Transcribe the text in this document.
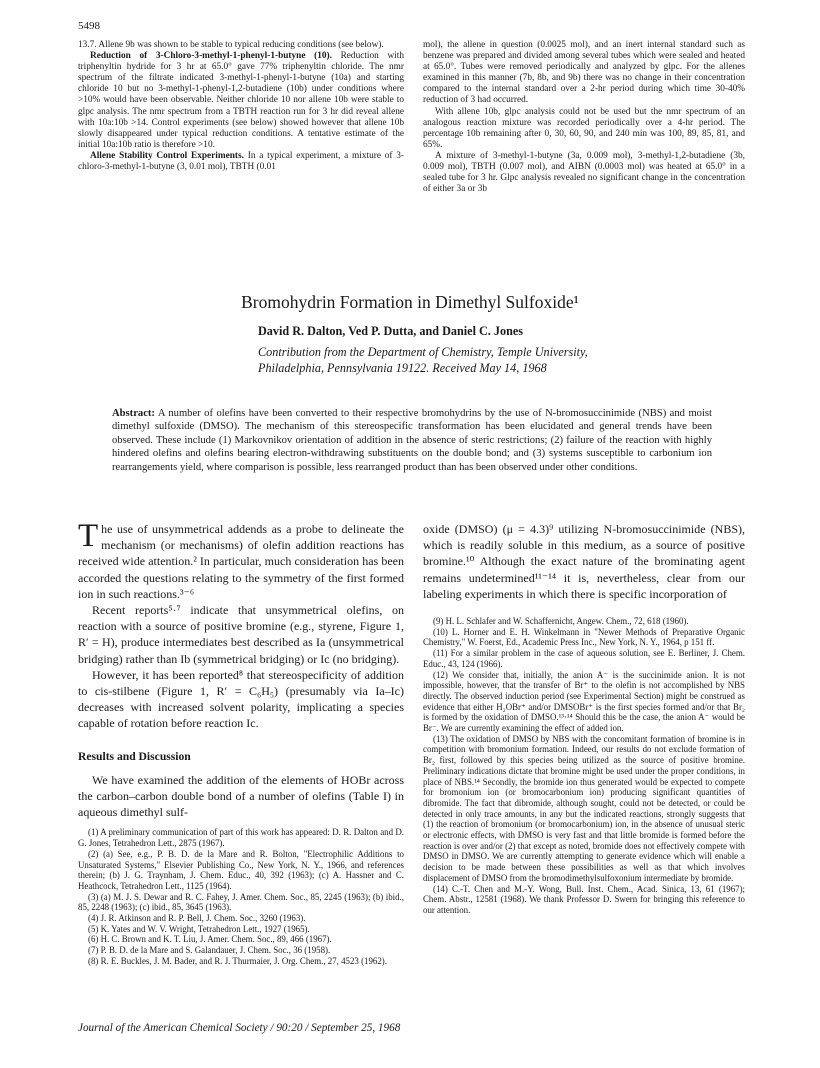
5498

13.7. Allene 9b was shown to be stable to typical reducing conditions (see below).

Reduction of 3-Chloro-3-methyl-1-phenyl-1-butyne (10). Reduction with triphenyltin hydride for 3 hr at 65.0° gave 77% triphenyltin chloride. The nmr spectrum of the filtrate indicated 3-methyl-1-phenyl-1-butyne (10a) and starting chloride 10 but no 3-methyl-1-phenyl-1,2-butadiene (10b) under conditions where >10% would have been observable. Neither chloride 10 nor allene 10b were stable to glpc analysis. The nmr spectrum from a TBTH reaction run for 3 hr did reveal allene with 10a:10b >14. Control experiments (see below) showed however that allene 10b slowly disappeared under typical reduction conditions. A tentative estimate of the initial 10a:10b ratio is therefore >10.

Allene Stability Control Experiments. In a typical experiment, a mixture of 3-chloro-3-methyl-1-butyne (3, 0.01 mol), TBTH (0.01

mol), the allene in question (0.0025 mol), and an inert internal standard such as benzene was prepared and divided among several tubes which were sealed and heated at 65.0°. Tubes were removed periodically and analyzed by glpc. For the allenes examined in this manner (7b, 8b, and 9b) there was no change in their concentration compared to the internal standard over a 2-hr period during which time 30-40% reduction of 3 had occurred.

With allene 10b, glpc analysis could not be used but the nmr spectrum of an analogous reaction mixture was recorded periodically over a 4-hr period. The percentage 10b remaining after 0, 30, 60, 90, and 240 min was 100, 89, 85, 81, and 65%.

A mixture of 3-methyl-1-butyne (3a, 0.009 mol), 3-methyl-1,2-butadiene (3b, 0.009 mol), TBTH (0.007 mol), and AIBN (0.0003 mol) was heated at 65.0° in a sealed tube for 3 hr. Glpc analysis revealed no significant change in the concentration of either 3a or 3b

Bromohydrin Formation in Dimethyl Sulfoxide¹
David R. Dalton, Ved P. Dutta, and Daniel C. Jones
Contribution from the Department of Chemistry, Temple University,
Philadelphia, Pennsylvania 19122. Received May 14, 1968
Abstract: A number of olefins have been converted to their respective bromohydrins by the use of N-bromosuccinimide (NBS) and moist dimethyl sulfoxide (DMSO). The mechanism of this stereospecific transformation has been elucidated and general trends have been observed. These include (1) Markovnikov orientation of addition in the absence of steric restrictions; (2) failure of the reaction with highly hindered olefins and olefins bearing electron-withdrawing substituents on the double bond; and (3) systems susceptible to carbonium ion rearrangements yield, where comparison is possible, less rearranged product than has been observed under other conditions.

The use of unsymmetrical addends as a probe to delineate the mechanism (or mechanisms) of olefin addition reactions has received wide attention.² In particular, much consideration has been accorded the questions relating to the symmetry of the first formed ion in such reactions.³⁻⁶

Recent reports⁵·⁷ indicate that unsymmetrical olefins, on reaction with a source of positive bromine (e.g., styrene, Figure 1, R′ = H), produce intermediates best described as Ia (unsymmetrical bridging) rather than Ib (symmetrical bridging) or Ic (no bridging).

However, it has been reported⁸ that stereospecificity of addition to cis-stilbene (Figure 1, R′ = C₆H₅) (presumably via Ia–Ic) decreases with increased solvent polarity, implicating a species capable of rotation before reaction Ic.

Results and Discussion

We have examined the addition of the elements of HOBr across the carbon–carbon double bond of a number of olefins (Table I) in aqueous dimethyl sulf-

(1) A preliminary communication of part of this work has appeared: D. R. Dalton and D. G. Jones, Tetrahedron Lett., 2875 (1967).

(2) (a) See, e.g., P. B. D. de la Mare and R. Bolton, "Electrophilic Additions to Unsaturated Systems," Elsevier Publishing Co., New York, N. Y., 1966, and references therein; (b) J. G. Traynham, J. Chem. Educ., 40, 392 (1963); (c) A. Hassner and C. Heathcock, Tetrahedron Lett., 1125 (1964).

(3) (a) M. J. S. Dewar and R. C. Fahey, J. Amer. Chem. Soc., 85, 2245 (1963); (b) ibid., 85, 2248 (1963); (c) ibid., 85, 3645 (1963).

(4) J. R. Atkinson and R. P. Bell, J. Chem. Soc., 3260 (1963).

(5) K. Yates and W. V. Wright, Tetrahedron Lett., 1927 (1965).

(6) H. C. Brown and K. T. Liu, J. Amer. Chem. Soc., 89, 466 (1967).

(7) P. B. D. de la Mare and S. Galandauer, J. Chem. Soc., 36 (1958).

(8) R. E. Buckles, J. M. Bader, and R. J. Thurmaier, J. Org. Chem., 27, 4523 (1962).

oxide (DMSO) (μ = 4.3)⁹ utilizing N-bromosuccinimide (NBS), which is readily soluble in this medium, as a source of positive bromine.¹⁰ Although the exact nature of the brominating agent remains undetermined¹¹⁻¹⁴ it is, nevertheless, clear from our labeling experiments in which there is specific incorporation of

(9) H. L. Schlafer and W. Schaffernicht, Angew. Chem., 72, 618 (1960).

(10) L. Horner and E. H. Winkelmann in "Newer Methods of Preparative Organic Chemistry," W. Foerst, Ed., Academic Press Inc., New York, N. Y., 1964, p 151 ff.

(11) For a similar problem in the case of aqueous solution, see E. Berliner, J. Chem. Educ., 43, 124 (1966).

(12) We consider that, initially, the anion A⁻ is the succinimide anion. It is not impossible, however, that the transfer of Br⁺ to the olefin is not accomplished by NBS directly. The observed induction period (see Experimental Section) might be construed as evidence that either H₂OBr⁺ and/or DMSOBr⁺ is the first species formed and/or that Br₂ is formed by the oxidation of DMSO.¹³·¹⁴ Should this be the case, the anion A⁻ would be Br⁻. We are currently examining the effect of added ion.

(13) The oxidation of DMSO by NBS with the concomitant formation of bromine is in competition with bromonium formation. Indeed, our results do not exclude formation of Br₂ first, followed by this species being utilized as the source of positive bromine. Preliminary indications dictate that bromine might be used under the proper conditions, in place of NBS.¹⁴ Secondly, the bromide ion thus generated would be expected to compete for bromonium ion (or bromocarbonium ion) producing significant quantities of dibromide. The fact that dibromide, although sought, could not be detected, or could be detected in only trace amounts, in any but the indicated reactions, strongly suggests that (1) the reaction of bromonium (or bromocarbonium) ion, in the absence of unusual steric or electronic effects, with DMSO is very fast and that little bromide is formed before the reaction is over and/or (2) that except as noted, bromide does not effectively compete with DMSO in DMSO. We are currently attempting to generate evidence which will enable a decision to be made between these possibilities as well as that which involves displacement of DMSO from the bromodimethylsulfoxonium intermediate by bromide.

(14) C.-T. Chen and M.-Y. Wong, Bull. Inst. Chem., Acad. Sinica, 13, 61 (1967); Chem. Abstr., 12581 (1968). We thank Professor D. Swern for bringing this reference to our attention.

Journal of the American Chemical Society / 90:20 / September 25, 1968
